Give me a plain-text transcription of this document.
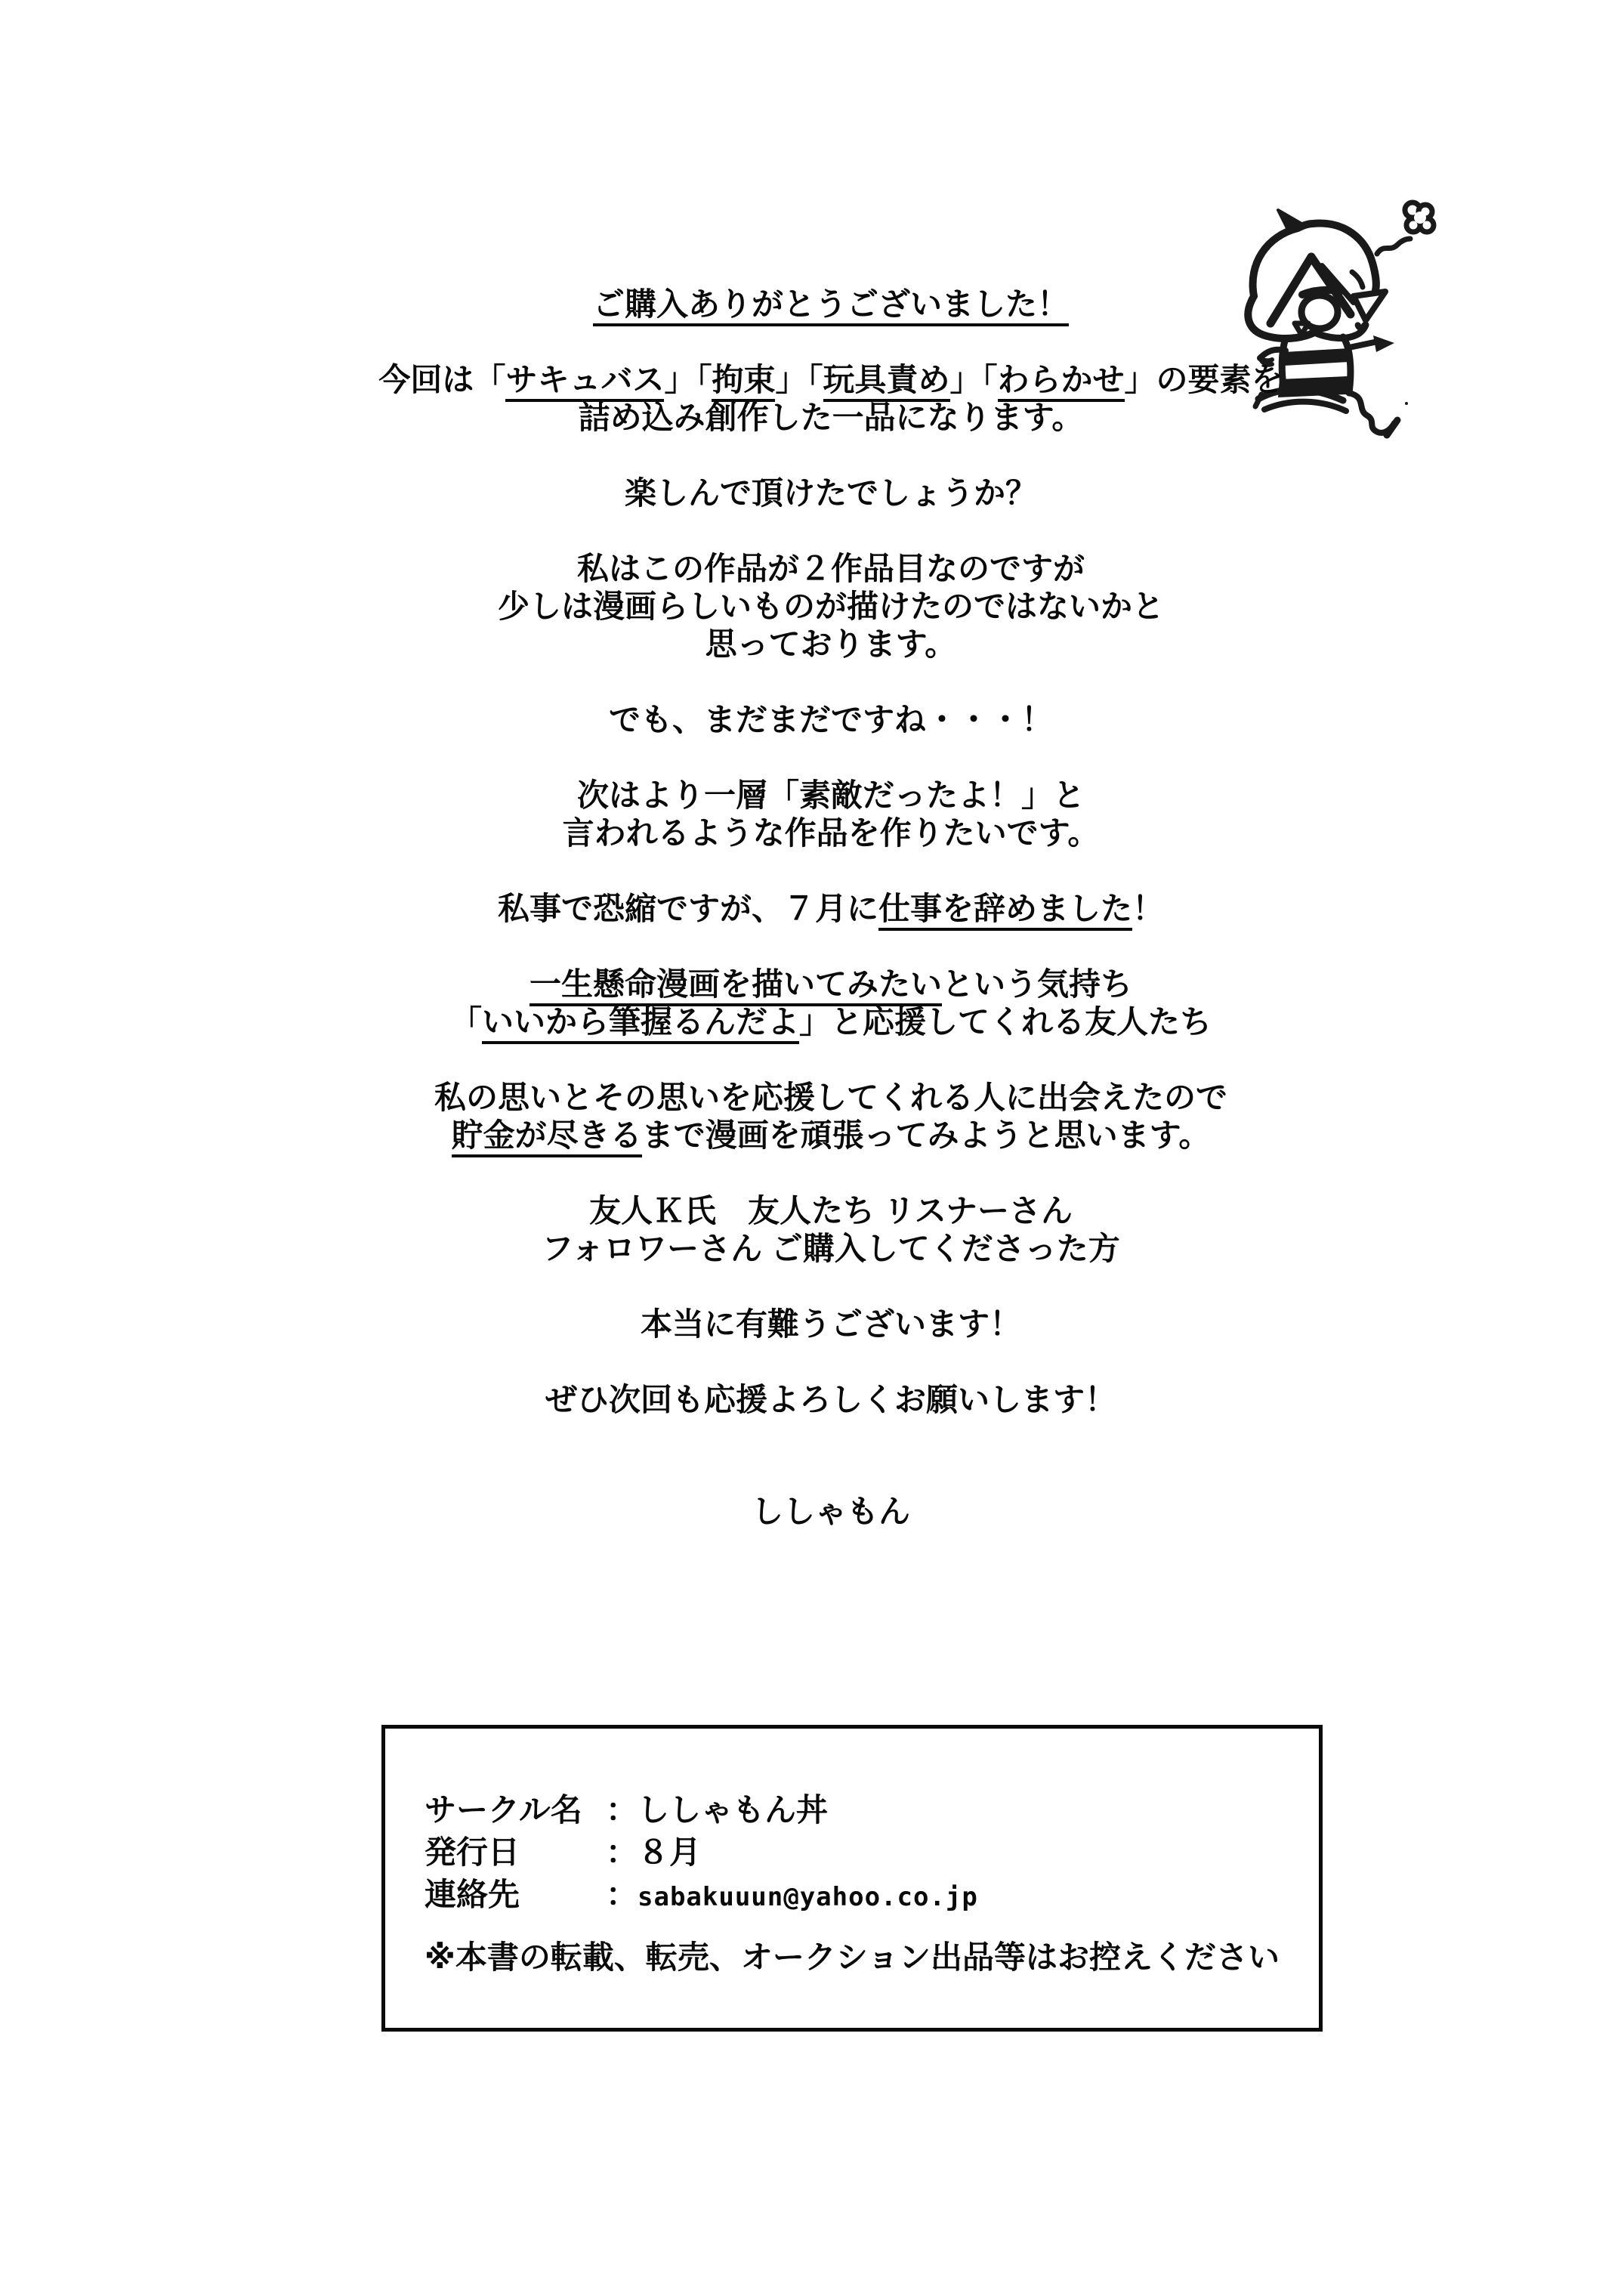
ご購入ありがとうございました！
今回は「サキュバス」「拘束」「玩具責め」「わらかせ」の要素を
詰め込み創作した一品になります。
楽しんで頂けたでしょうか？
私はこの作品が２作品目なのですが
少しは漫画らしいものが描けたのではないかと
思っております。
でも、まだまだですね・・・！
次はより一層「素敵だったよ！」と
言われるような作品を作りたいです。
私事で恐縮ですが、７月に仕事を辞めました！
一生懸命漫画を描いてみたいという気持ち
「いいから筆握るんだよ」と応援してくれる友人たち
私の思いとその思いを応援してくれる人に出会えたので
貯金が尽きるまで漫画を頑張ってみようと思います。
友人Ｋ氏　友人たち リスナーさん
フォロワーさん ご購入してくださった方
本当に有難うございます！
ぜひ次回も応援よろしくお願いします！
ししゃもん
サークル名 ： ししゃもん丼
発行日	： ８月
連絡先	： sabakuuun@yahoo.co.jp
※本書の転載、転売、オークション出品等はお控えください
